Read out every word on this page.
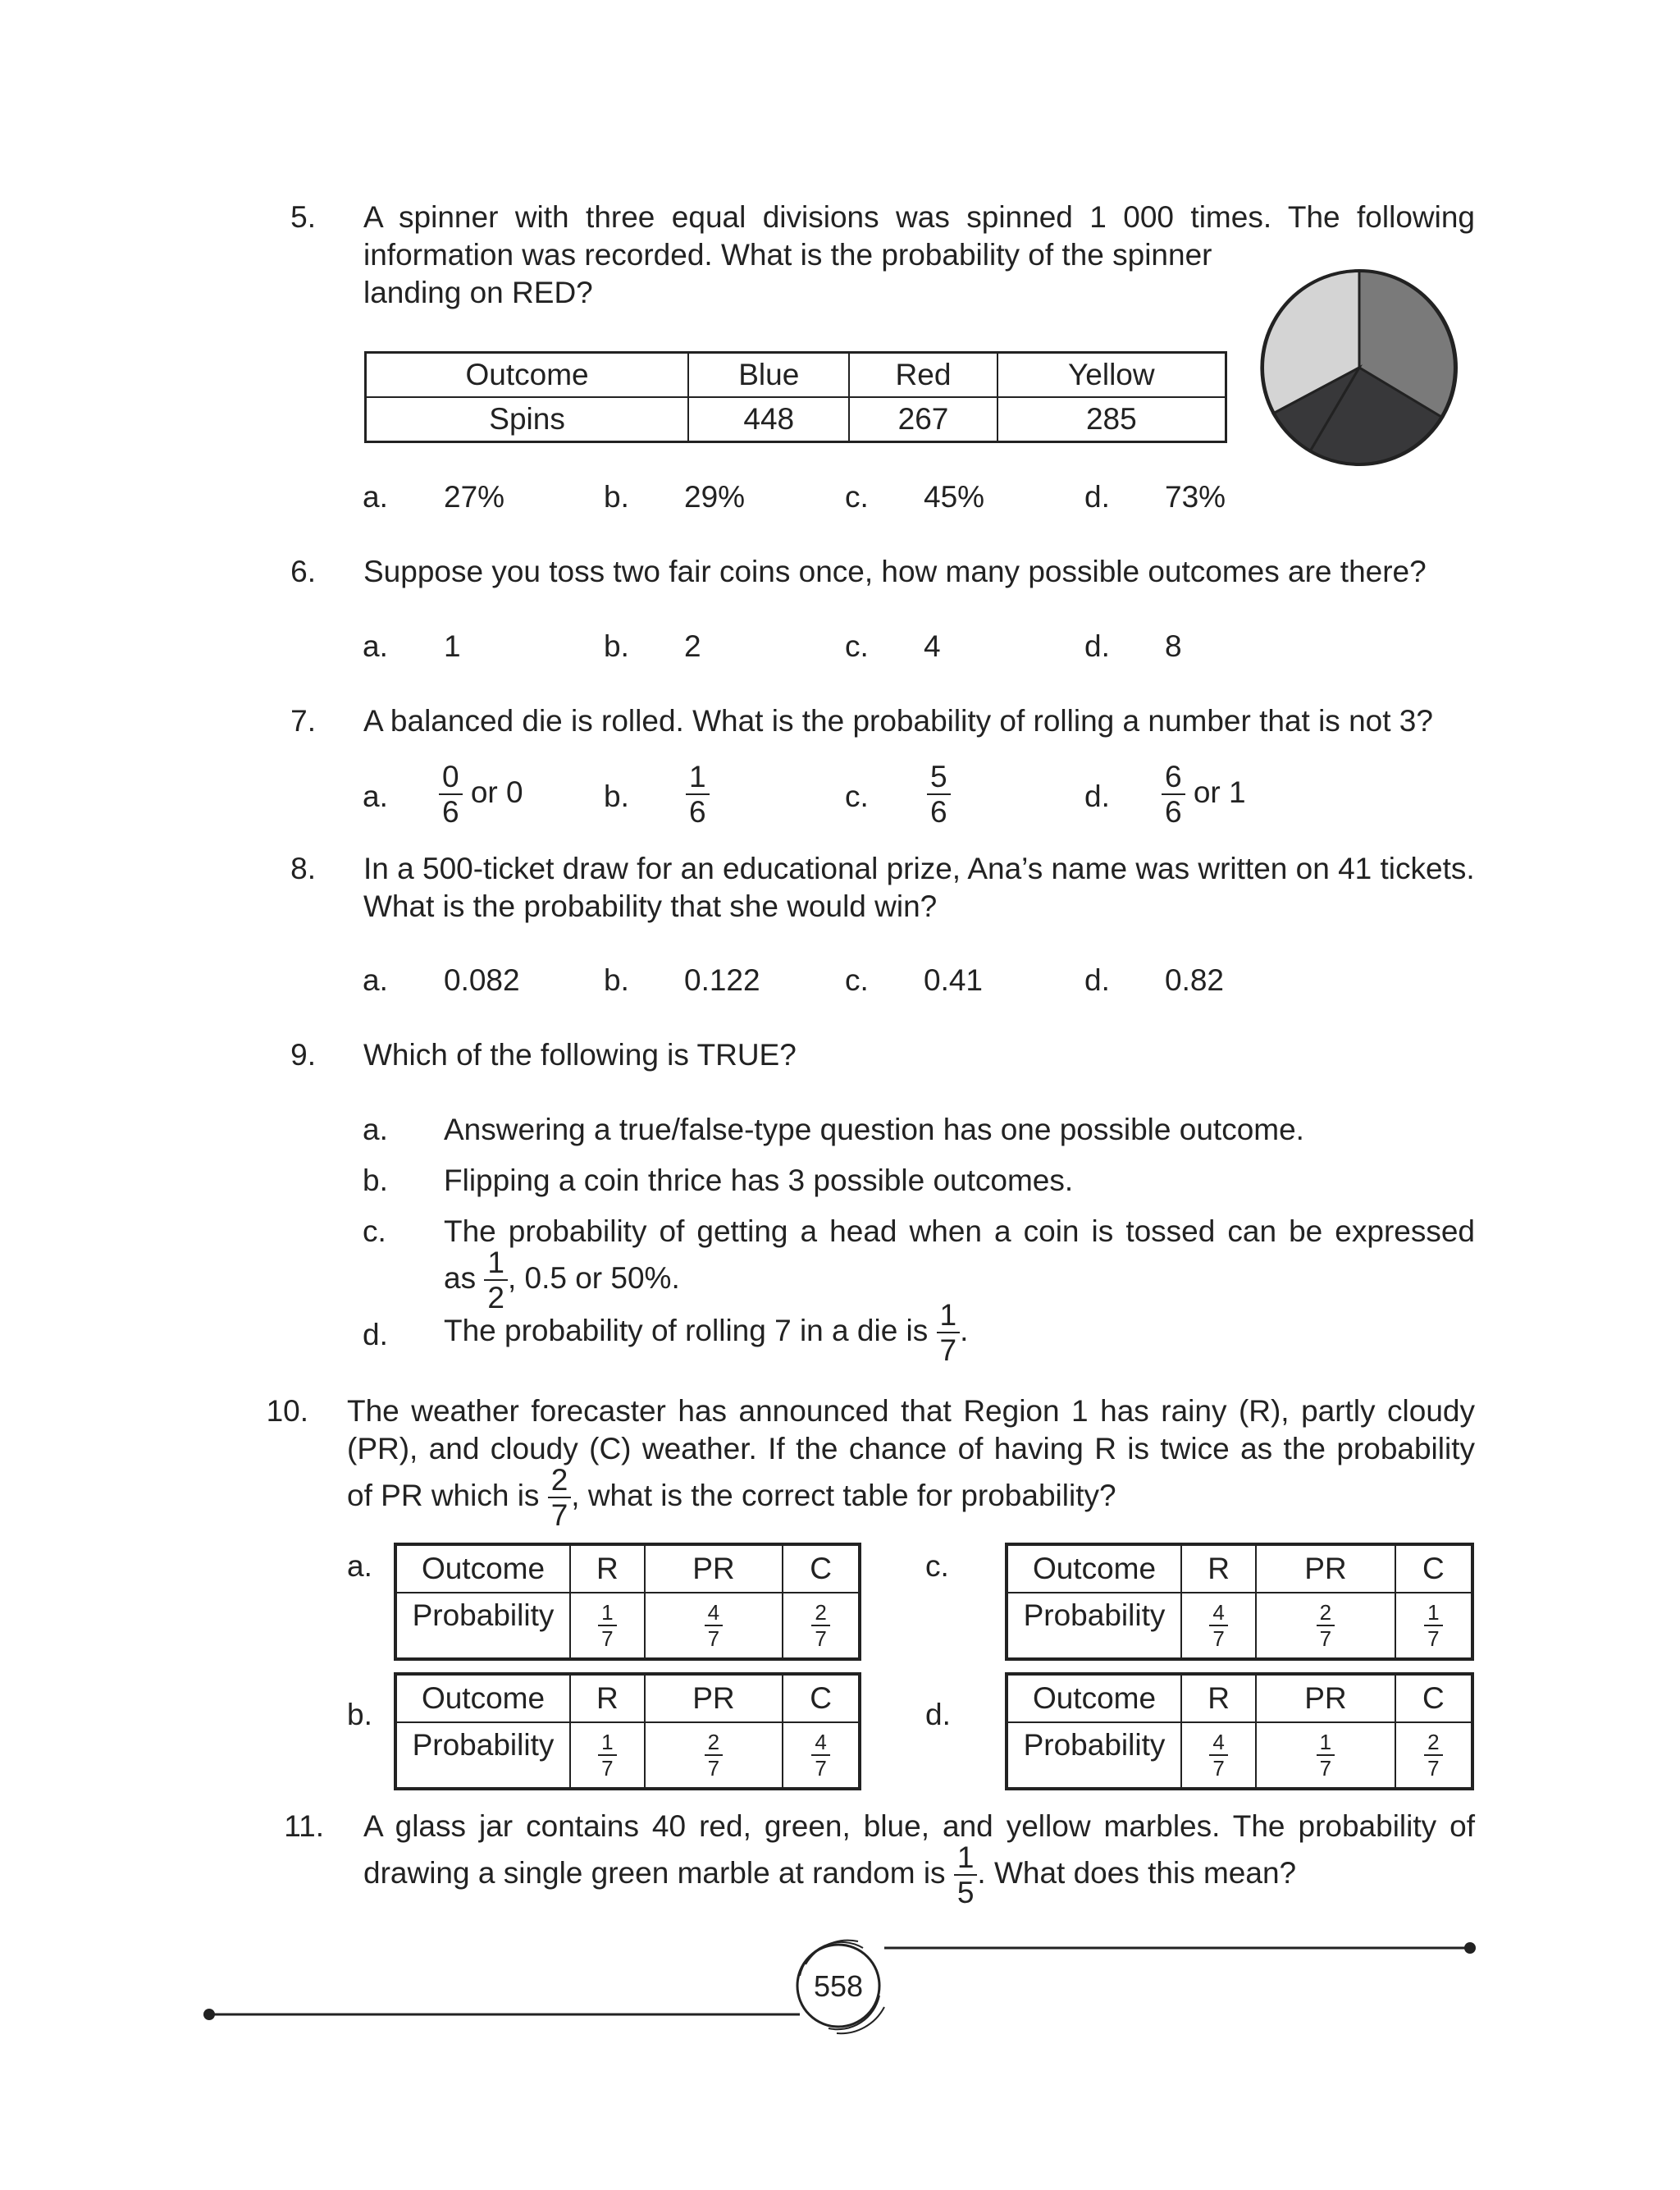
5. A spinner with three equal divisions was spinned 1 000 times. The following
information was recorded. What is the probability of the spinner
landing on RED?
Outcome	Blue	Red	Yellow
Spins	448	267	285
a. 27%	b. 29%	c. 45%	d. 73%
6. Suppose you toss two fair coins once, how many possible outcomes are there?
a. 1	b. 2	c. 4	d. 8
7. A balanced die is rolled. What is the probability of rolling a number that is not 3?
a. $\frac{0}{6}$ or 0	b. $\frac{1}{6}$	c. $\frac{5}{6}$	d. $\frac{6}{6}$ or 1
8. In a 500-ticket draw for an educational prize, Ana’s name was written on 41 tickets.
What is the probability that she would win?
a. 0.082	b. 0.122	c. 0.41	d. 0.82
9. Which of the following is TRUE?
a. Answering a true/false-type question has one possible outcome.
b. Flipping a coin thrice has 3 possible outcomes.
c. The probability of getting a head when a coin is tossed can be expressed
as $\frac{1}{2}$ , 0.5 or 50%.
d. The probability of rolling 7 in a die is $\frac{1}{7}$ .
10. The weather forecaster has announced that Region 1 has rainy (R), partly cloudy
(PR), and cloudy (C) weather. If the chance of having R is twice as the probability
of PR which is $\frac{2}{7}$ , what is the correct table for probability?
a. Outcome	R	PR	C
Probability	$\frac{1}{7}$	$\frac{4}{7}$	$\frac{2}{7}$
b. Outcome	R	PR	C
Probability	$\frac{1}{7}$	$\frac{2}{7}$	$\frac{4}{7}$
c.	Outcome	R	PR	C
Probability	$\frac{4}{7}$	$\frac{2}{7}$	$\frac{1}{7}$
d.	Outcome	R	PR	C
Probability	$\frac{4}{7}$	$\frac{1}{7}$	$\frac{2}{7}$
11. A glass jar contains 40 red, green, blue, and yellow marbles. The probability of
drawing a single green marble at random is $\frac{1}{5}$ . What does this mean?
558
